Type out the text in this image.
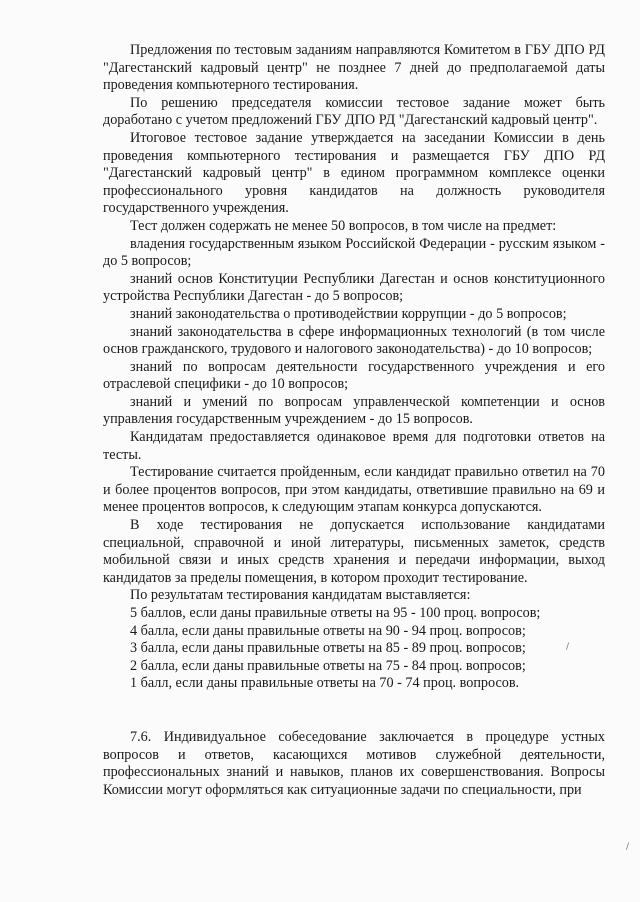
Предложения по тестовым заданиям направляются Комитетом в ГБУ ДПО РД "Дагестанский кадровый центр" не позднее 7 дней до предполагаемой даты проведения компьютерного тестирования.

По решению председателя комиссии тестовое задание может быть доработано с учетом предложений ГБУ ДПО РД "Дагестанский кадровый центр".

Итоговое тестовое задание утверждается на заседании Комиссии в день проведения компьютерного тестирования и размещается ГБУ ДПО РД "Дагестанский кадровый центр" в едином программном комплексе оценки профессионального уровня кандидатов на должность руководителя государственного учреждения.

Тест должен содержать не менее 50 вопросов, в том числе на предмет:

владения государственным языком Российской Федерации - русским языком - до 5 вопросов;

знаний основ Конституции Республики Дагестан и основ конституционного устройства Республики Дагестан - до 5 вопросов;

знаний законодательства о противодействии коррупции - до 5 вопросов;

знаний законодательства в сфере информационных технологий (в том числе основ гражданского, трудового и налогового законодательства) - до 10 вопросов;

знаний по вопросам деятельности государственного учреждения и его отраслевой специфики - до 10 вопросов;

знаний и умений по вопросам управленческой компетенции и основ управления государственным учреждением - до 15 вопросов.

Кандидатам предоставляется одинаковое время для подготовки ответов на тесты.

Тестирование считается пройденным, если кандидат правильно ответил на 70 и более процентов вопросов, при этом кандидаты, ответившие правильно на 69 и менее процентов вопросов, к следующим этапам конкурса допускаются.

В ходе тестирования не допускается использование кандидатами специальной, справочной и иной литературы, письменных заметок, средств мобильной связи и иных средств хранения и передачи информации, выход кандидатов за пределы помещения, в котором проходит тестирование.

По результатам тестирования кандидатам выставляется:

5 баллов, если даны правильные ответы на 95 - 100 проц. вопросов;

4 балла, если даны правильные ответы на 90 - 94 проц. вопросов;

3 балла, если даны правильные ответы на 85 - 89 проц. вопросов;

2 балла, если даны правильные ответы на 75 - 84 проц. вопросов;

1 балл, если даны правильные ответы на 70 - 74 проц. вопросов.

7.6. Индивидуальное собеседование заключается в процедуре устных вопросов и ответов, касающихся мотивов служебной деятельности, профессиональных знаний и навыков, планов их совершенствования. Вопросы Комиссии могут оформляться как ситуационные задачи по специальности, при

/
/
